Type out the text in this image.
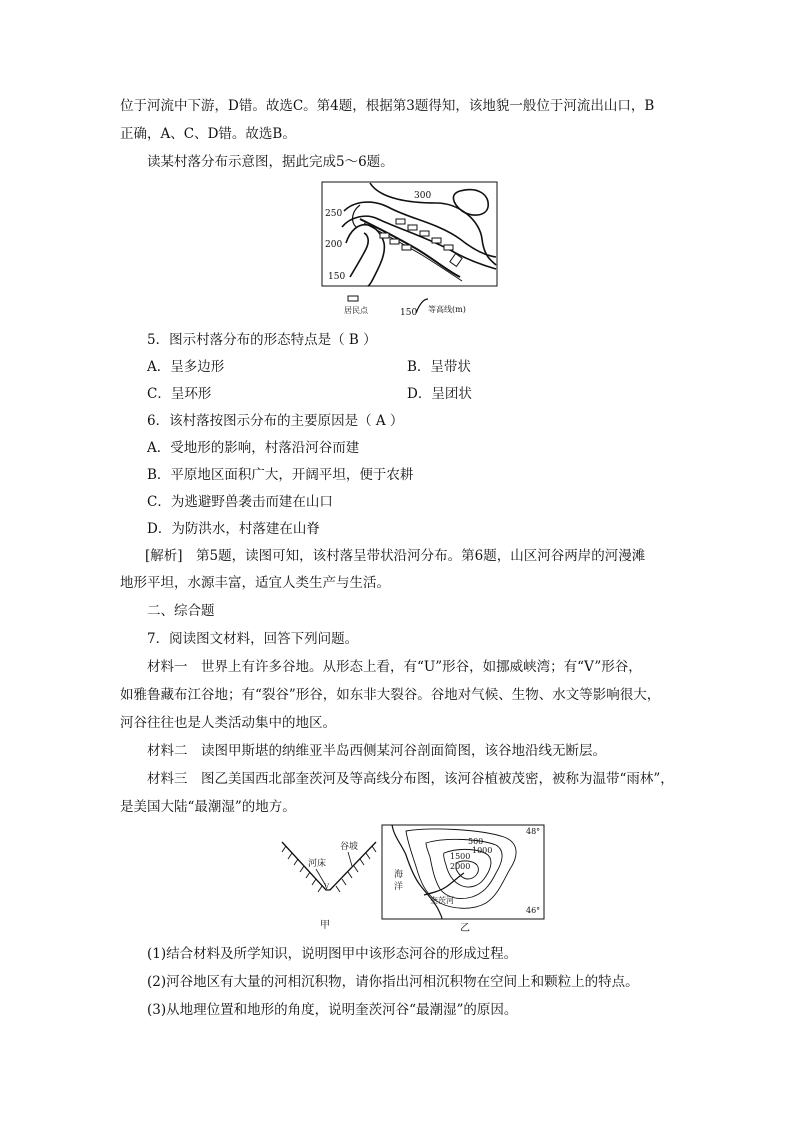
位于河流中下游，D错。故选C。第4题，根据第3题得知，该地貌一般位于河流出山口，B
正确，A、C、D错。故选B。
读某村落分布示意图，据此完成5～6题。
300
250
200
150
居民点	150 等高线(m)
5．图示村落分布的形态特点是（ B ）
A．呈多边形	B．呈带状
C．呈环形	D．呈团状
6．该村落按图示分布的主要原因是（ A ）
A．受地形的影响，村落沿河谷而建
B．平原地区面积广大，开阔平坦，便于农耕
C．为逃避野兽袭击而建在山口
D．为防洪水，村落建在山脊
[解析]　第5题，读图可知，该村落呈带状沿河分布。第6题，山区河谷两岸的河漫滩
地形平坦，水源丰富，适宜人类生产与生活。
二、综合题
7．阅读图文材料，回答下列问题。
材料一　世界上有许多谷地。从形态上看，有“U”形谷，如挪威峡湾；有“V”形谷，
如雅鲁藏布江谷地；有“裂谷”形谷，如东非大裂谷。谷地对气候、生物、水文等影响很大，
河谷往往也是人类活动集中的地区。
材料二　读图甲斯堪的纳维亚半岛西侧某河谷剖面简图，该谷地沿线无断层。
材料三　图乙美国西北部奎茨河及等高线分布图，该河谷植被茂密，被称为温带“雨林”，
是美国大陆“最潮湿”的地方。
河床
谷坡
V
甲
48°
46°
500
1000
1500
2000
海
洋
奎茨河
乙
(1)结合材料及所学知识，说明图甲中该形态河谷的形成过程。
(2)河谷地区有大量的河相沉积物，请你指出河相沉积物在空间上和颗粒上的特点。
(3)从地理位置和地形的角度，说明奎茨河谷“最潮湿”的原因。
